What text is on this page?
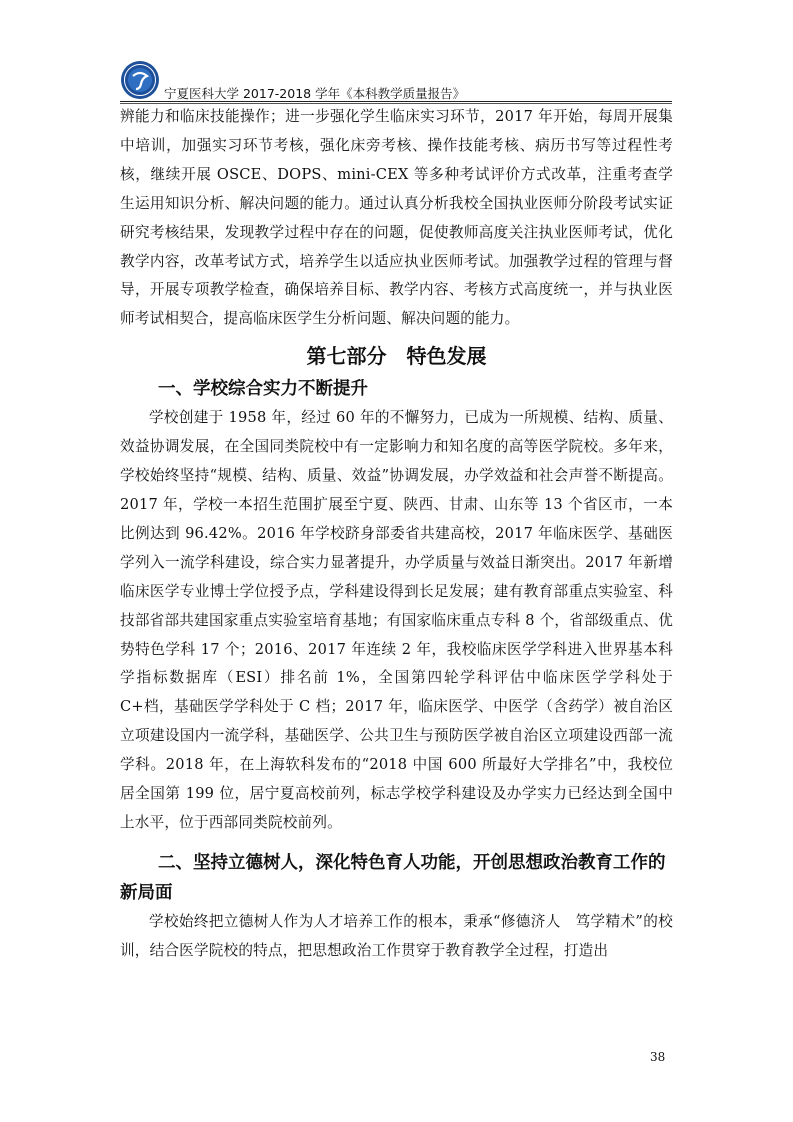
宁夏医科大学 2017-2018 学年《本科教学质量报告》

辨能力和临床技能操作；进一步强化学生临床实习环节，2017 年开始，每周开展集中培训，加强实习环节考核，强化床旁考核、操作技能考核、病历书写等过程性考核，继续开展 OSCE、DOPS、mini-CEX 等多种考试评价方式改革，注重考查学生运用知识分析、解决问题的能力。通过认真分析我校全国执业医师分阶段考试实证研究考核结果，发现教学过程中存在的问题，促使教师高度关注执业医师考试，优化教学内容，改革考试方式，培养学生以适应执业医师考试。加强教学过程的管理与督导，开展专项教学检查，确保培养目标、教学内容、考核方式高度统一，并与执业医师考试相契合，提高临床医学生分析问题、解决问题的能力。

第七部分　特色发展
一、学校综合实力不断提升

学校创建于 1958 年，经过 60 年的不懈努力，已成为一所规模、结构、质量、效益协调发展，在全国同类院校中有一定影响力和知名度的高等医学院校。多年来，学校始终坚持“规模、结构、质量、效益”协调发展，办学效益和社会声誉不断提高。2017 年，学校一本招生范围扩展至宁夏、陕西、甘肃、山东等 13 个省区市，一本比例达到 96.42%。2016 年学校跻身部委省共建高校，2017 年临床医学、基础医学列入一流学科建设，综合实力显著提升，办学质量与效益日渐突出。2017 年新增临床医学专业博士学位授予点，学科建设得到长足发展；建有教育部重点实验室、科技部省部共建国家重点实验室培育基地；有国家临床重点专科 8 个，省部级重点、优势特色学科 17 个；2016、2017 年连续 2 年，我校临床医学学科进入世界基本科学指标数据库（ESI）排名前 1%，全国第四轮学科评估中临床医学学科处于 C+档，基础医学学科处于 C 档；2017 年，临床医学、中医学（含药学）被自治区立项建设国内一流学科，基础医学、公共卫生与预防医学被自治区立项建设西部一流学科。2018 年，在上海软科发布的“2018 中国 600 所最好大学排名”中，我校位居全国第 199 位，居宁夏高校前列，标志学校学科建设及办学实力已经达到全国中上水平，位于西部同类院校前列。

二、坚持立德树人，深化特色育人功能，开创思想政治教育工作的新局面

学校始终把立德树人作为人才培养工作的根本，秉承“修德济人　笃学精术”的校训，结合医学院校的特点，把思想政治工作贯穿于教育教学全过程，打造出

38
